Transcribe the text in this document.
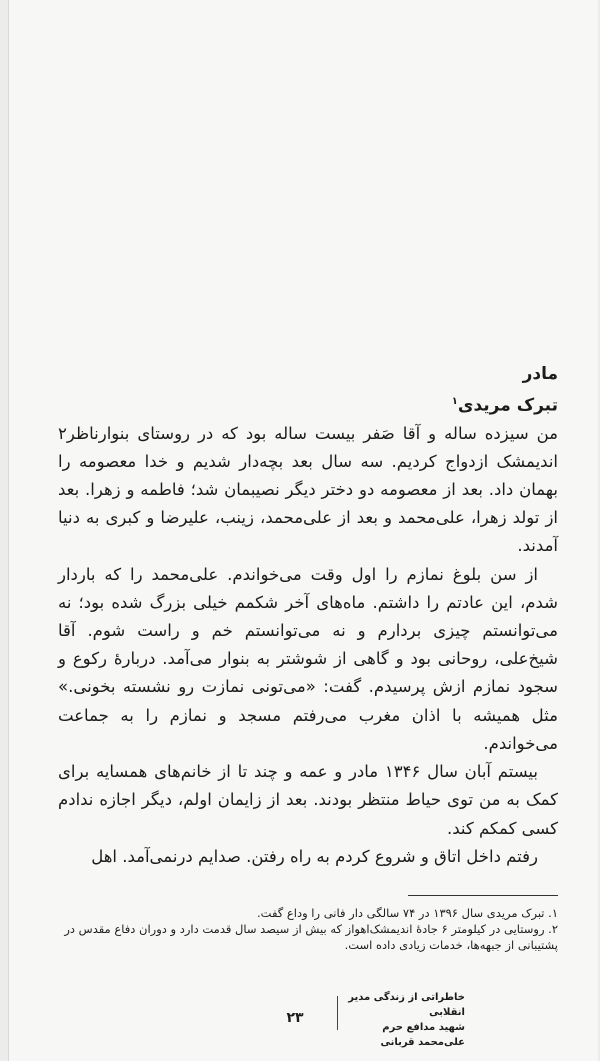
مادر
تبرک مریدی$^۱$

من سیزده ساله و آقا صَفر بیست ساله بود که در روستای بنوارناظر۲ اندیمشک ازدواج کردیم. سه سال بعد بچه‌دار شدیم و خدا معصومه را بهمان داد. بعد از معصومه دو دختر دیگر نصیبمان شد؛ فاطمه و زهرا. بعد از تولد زهرا، علی‌محمد و بعد از علی‌محمد، زینب، علیرضا و کبری به دنیا آمدند.

از سن بلوغ نمازم را اول وقت می‌خواندم. علی‌محمد را که باردار شدم، این عادتم را داشتم. ماه‌های آخر شکمم خیلی بزرگ شده بود؛ نه می‌توانستم چیزی بردارم و نه می‌توانستم خم و راست شوم. آقا شیخ‌علی، روحانی بود و گاهی از شوشتر به بنوار می‌آمد. دربارهٔ رکوع و سجود نمازم ازش پرسیدم. گفت: «می‌تونی نمازت رو نشسته بخونی.» مثل همیشه با اذان مغرب می‌رفتم مسجد و نمازم را به جماعت می‌خواندم.

بیستم آبان سال ۱۳۴۶ مادر و عمه و چند تا از خانم‌های همسایه برای کمک به من توی حیاط منتظر بودند. بعد از زایمان اولم، دیگر اجازه ندادم کسی کمکم کند.

رفتم داخل اتاق و شروع کردم به راه رفتن. صدایم درنمی‌آمد. اهل

۱. تبرک مریدی سال ۱۳۹۶ در ۷۴ سالگی دار فانی را وداع گفت.

۲. روستایی در کیلومتر ۶ جادهٔ اندیمشک‌اهواز که بیش از سیصد سال قدمت دارد و دوران دفاع مقدس در پشتیبانی از جبهه‌ها، خدمات زیادی داده است.

خاطراتی از زندگی مدیر انقلابی
شهید مدافع حرم علی‌محمد قربانی
۲۳
